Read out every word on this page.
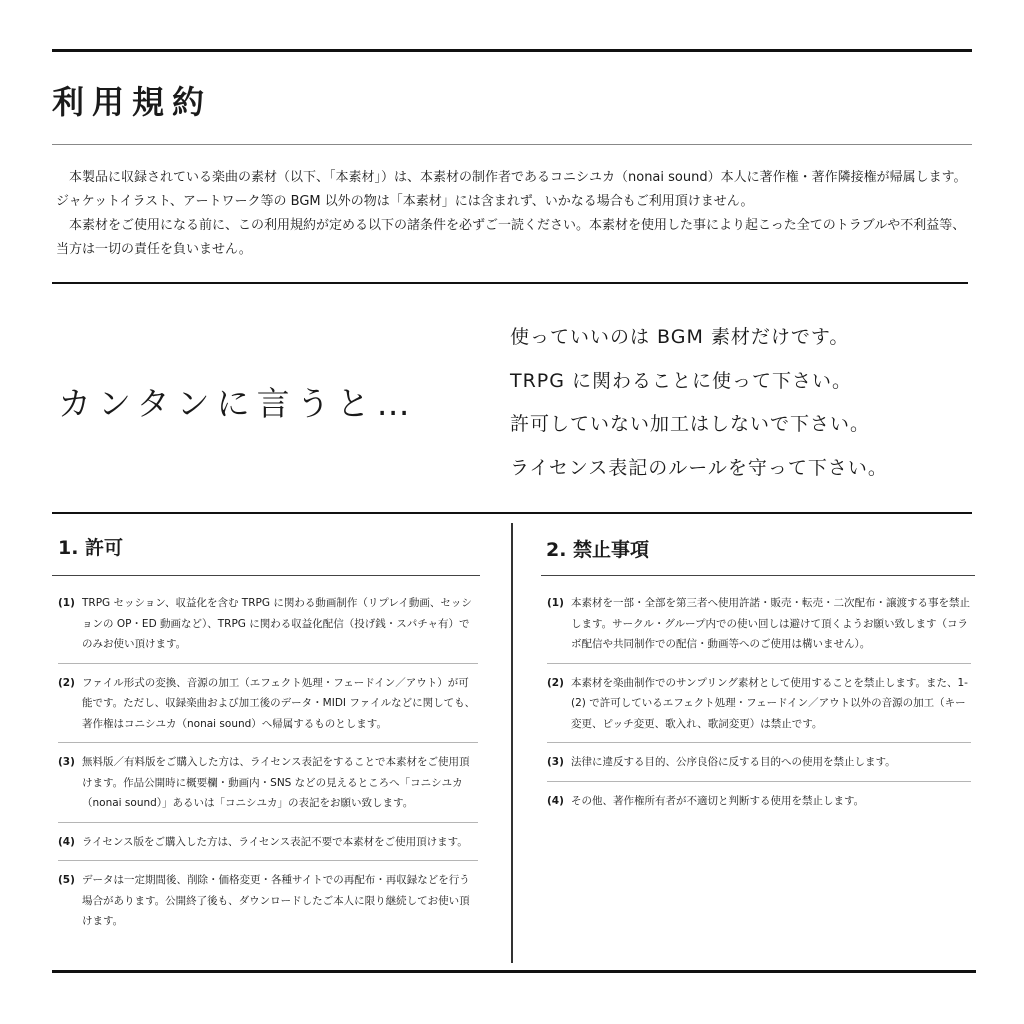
利用規約

本製品に収録されている楽曲の素材（以下、「本素材」）は、本素材の制作者であるコニシユカ（nonai sound）本人に著作権・著作隣接権が帰属します。ジャケットイラスト、アートワーク等の BGM 以外の物は「本素材」には含まれず、いかなる場合もご利用頂けません。

本素材をご使用になる前に、この利用規約が定める以下の諸条件を必ずご一読ください。本素材を使用した事により起こった全てのトラブルや不利益等、当方は一切の責任を負いません。

カンタンに言うと…
使っていいのは BGM 素材だけです。
TRPG に関わることに使って下さい。
許可していない加工はしないで下さい。
ライセンス表記のルールを守って下さい。
1. 許可
(1) TRPG セッション、収益化を含む TRPG に関わる動画制作（リプレイ動画、セッションの OP・ED 動画など）、TRPG に関わる収益化配信（投げ銭・スパチャ有）でのみお使い頂けます。
(2) ファイル形式の変換、音源の加工（エフェクト処理・フェードイン／アウト）が可能です。ただし、収録楽曲および加工後のデータ・MIDI ファイルなどに関しても、著作権はコニシユカ（nonai sound）へ帰属するものとします。
(3) 無料版／有料版をご購入した方は、ライセンス表記をすることで本素材をご使用頂けます。作品公開時に概要欄・動画内・SNS などの見えるところへ「コニシユカ（nonai sound）」あるいは「コニシユカ」の表記をお願い致します。
(4) ライセンス版をご購入した方は、ライセンス表記不要で本素材をご使用頂けます。
(5) データは一定期間後、削除・価格変更・各種サイトでの再配布・再収録などを行う場合があります。公開終了後も、ダウンロードしたご本人に限り継続してお使い頂けます。
2. 禁止事項
(1) 本素材を一部・全部を第三者へ使用許諾・販売・転売・二次配布・譲渡する事を禁止します。サークル・グループ内での使い回しは避けて頂くようお願い致します（コラボ配信や共同制作での配信・動画等へのご使用は構いません）。
(2) 本素材を楽曲制作でのサンプリング素材として使用することを禁止します。また、1-(2) で許可しているエフェクト処理・フェードイン／アウト以外の音源の加工（キー変更、ピッチ変更、歌入れ、歌詞変更）は禁止です。
(3) 法律に違反する目的、公序良俗に反する目的への使用を禁止します。
(4) その他、著作権所有者が不適切と判断する使用を禁止します。
